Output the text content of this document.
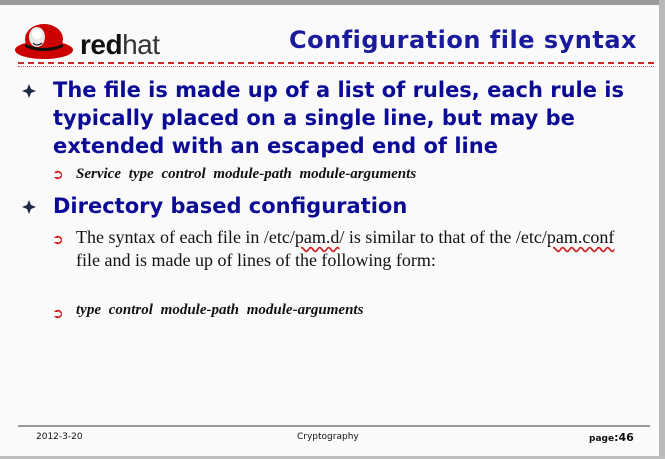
redhat	Configuration file syntax
The file is made up of a list of rules, each rule is typically placed on a single line, but may be extended with an escaped end of line
➲ Service type control module-path module-arguments
Directory based configuration
➲ The syntax of each file in /etc/pam.d/ is similar to that of the /etc/pam.conf file and is made up of lines of the following form:
➲ type control module-path module-arguments
2012-3-20	Cryptography	page:46
